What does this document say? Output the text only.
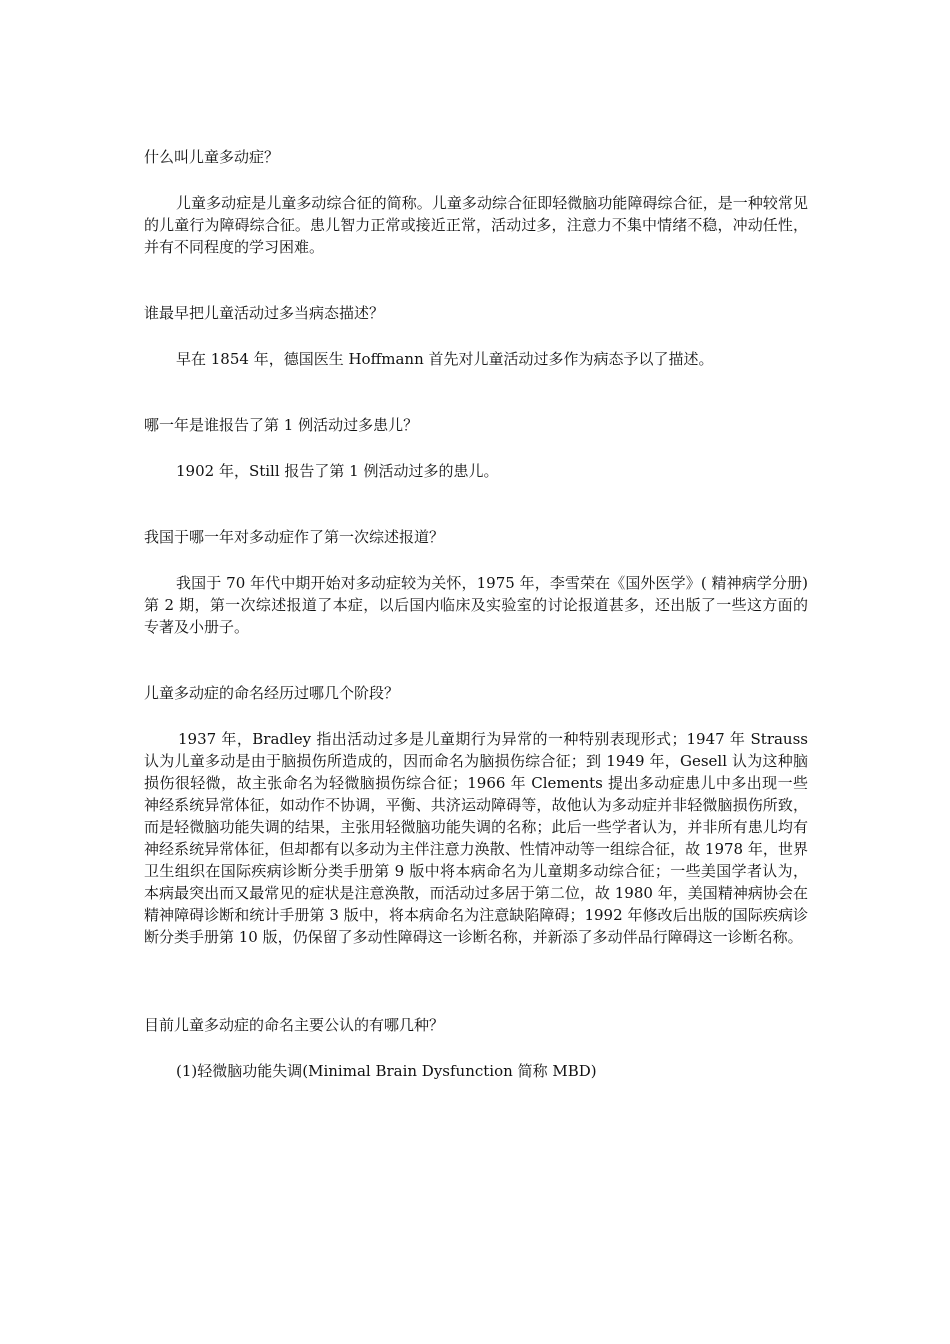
什么叫儿童多动症？

儿童多动症是儿童多动综合征的简称。儿童多动综合征即轻微脑功能障碍综合征，是一种较常见的儿童行为障碍综合征。患儿智力正常或接近正常，活动过多，注意力不集中情绪不稳，冲动任性，并有不同程度的学习困难。

谁最早把儿童活动过多当病态描述？

早在 1854 年，德国医生 Hoffmann 首先对儿童活动过多作为病态予以了描述。

哪一年是谁报告了第 1 例活动过多患儿？

1902 年，Still 报告了第 1 例活动过多的患儿。

我国于哪一年对多动症作了第一次综述报道？

我国于 70 年代中期开始对多动症较为关怀，1975 年，李雪荣在《国外医学》( 精神病学分册) 第 2 期，第一次综述报道了本症，以后国内临床及实验室的讨论报道甚多，还出版了一些这方面的专著及小册子。

儿童多动症的命名经历过哪几个阶段？

1937 年，Bradley 指出活动过多是儿童期行为异常的一种特别表现形式；1947 年 Strauss 认为儿童多动是由于脑损伤所造成的，因而命名为脑损伤综合征；到 1949 年，Gesell 认为这种脑损伤很轻微，故主张命名为轻微脑损伤综合征；1966 年 Clements 提出多动症患儿中多出现一些神经系统异常体征，如动作不协调，平衡、共济运动障碍等，故他认为多动症并非轻微脑损伤所致，而是轻微脑功能失调的结果，主张用轻微脑功能失调的名称；此后一些学者认为，并非所有患儿均有神经系统异常体征，但却都有以多动为主伴注意力涣散、性情冲动等一组综合征，故 1978 年，世界卫生组织在国际疾病诊断分类手册第 9 版中将本病命名为儿童期多动综合征；一些美国学者认为，本病最突出而又最常见的症状是注意涣散，而活动过多居于第二位，故 1980 年，美国精神病协会在精神障碍诊断和统计手册第 3 版中，将本病命名为注意缺陷障碍；1992 年修改后出版的国际疾病诊断分类手册第 10 版，仍保留了多动性障碍这一诊断名称，并新添了多动伴品行障碍这一诊断名称。

目前儿童多动症的命名主要公认的有哪几种？

(1)轻微脑功能失调(Minimal Brain Dysfunction 简称 MBD)
